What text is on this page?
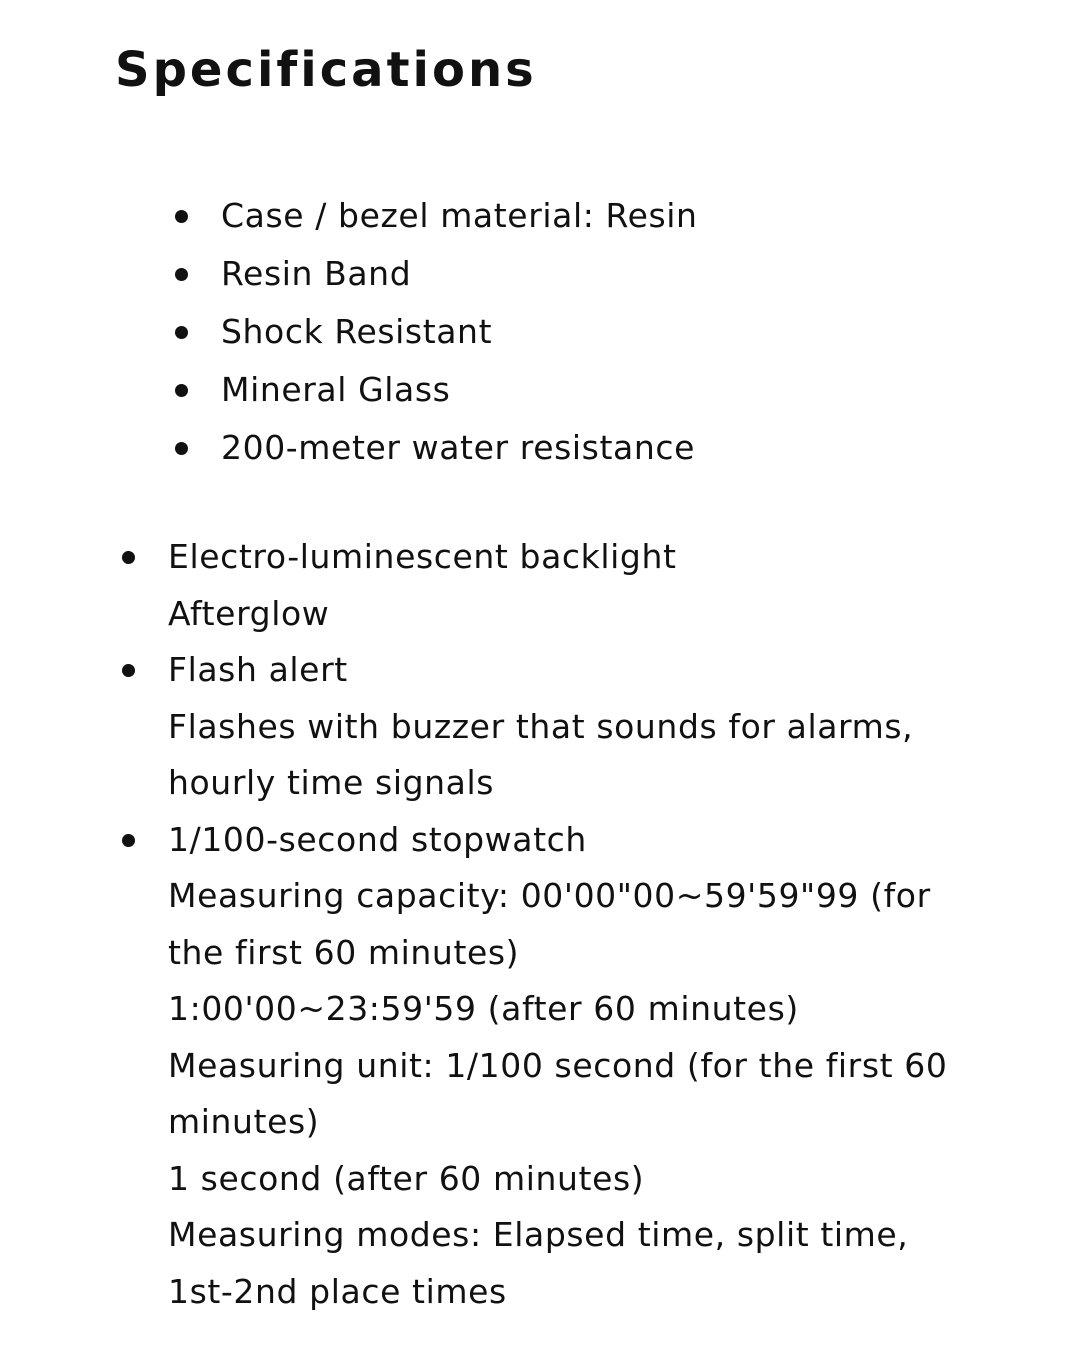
Specifications
Case / bezel material: Resin
Resin Band
Shock Resistant
Mineral Glass
200-meter water resistance
Electro-luminescent backlight
Afterglow
Flash alert
Flashes with buzzer that sounds for alarms,
hourly time signals
1/100-second stopwatch
Measuring capacity: 00'00"00~59'59"99 (for
the first 60 minutes)
1:00'00~23:59'59 (after 60 minutes)
Measuring unit: 1/100 second (for the first 60
minutes)
1 second (after 60 minutes)
Measuring modes: Elapsed time, split time,
1st-2nd place times
